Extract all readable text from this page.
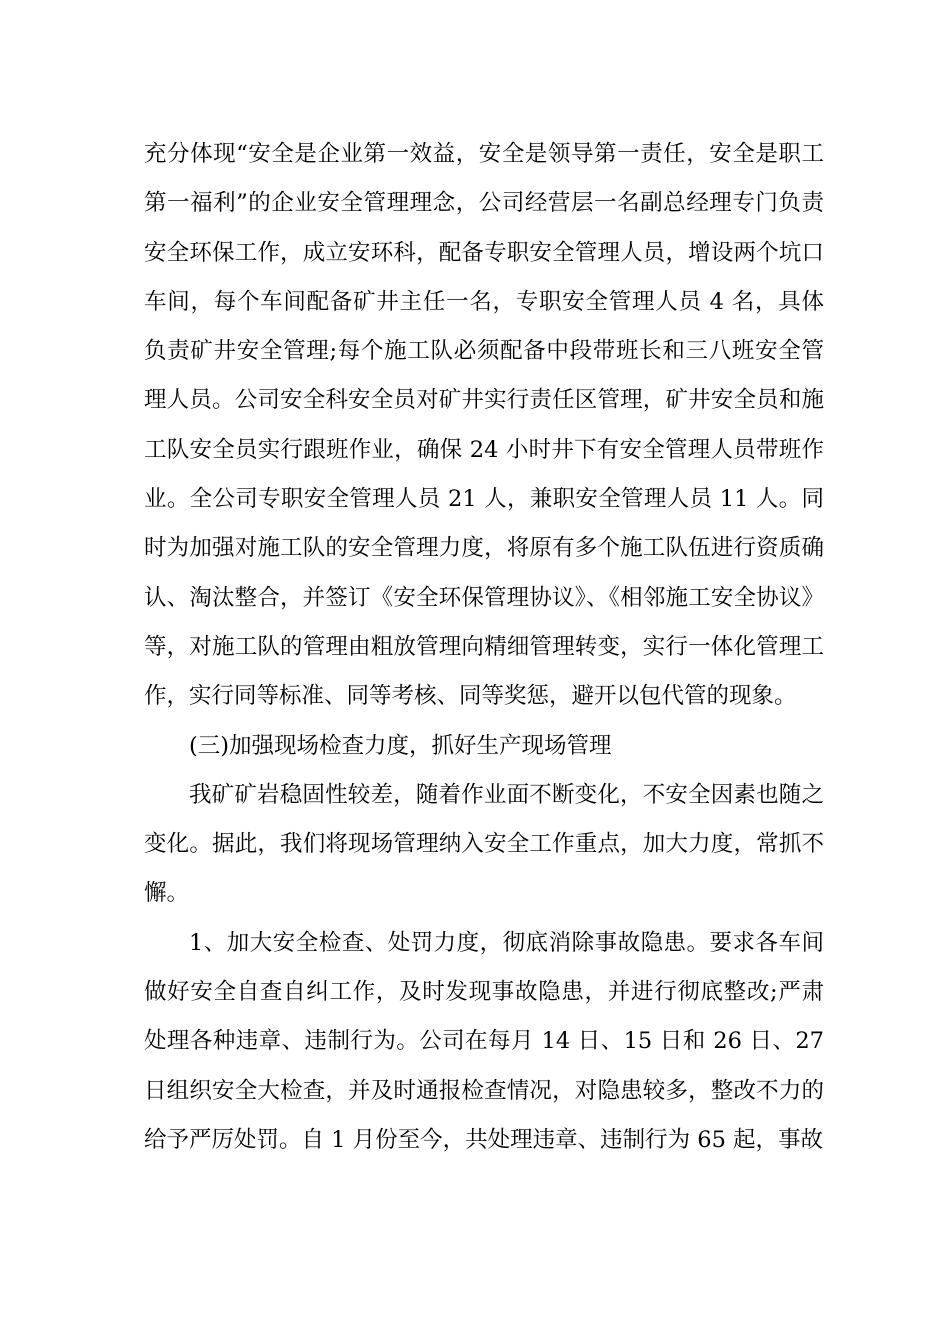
充分体现“安全是企业第一效益，安全是领导第一责任，安全是职工第一福利”的企业安全管理理念，公司经营层一名副总经理专门负责安全环保工作，成立安环科，配备专职安全管理人员，增设两个坑口车间，每个车间配备矿井主任一名，专职安全管理人员 4 名，具体负责矿井安全管理;每个施工队必须配备中段带班长和三八班安全管理人员。公司安全科安全员对矿井实行责任区管理，矿井安全员和施工队安全员实行跟班作业，确保 24 小时井下有安全管理人员带班作业。全公司专职安全管理人员 21 人，兼职安全管理人员 11 人。同时为加强对施工队的安全管理力度，将原有多个施工队伍进行资质确认、淘汰整合，并签订《安全环保管理协议》、《相邻施工安全协议》等，对施工队的管理由粗放管理向精细管理转变，实行一体化管理工作，实行同等标准、同等考核、同等奖惩，避开以包代管的现象。

(三)加强现场检查力度，抓好生产现场管理

我矿矿岩稳固性较差，随着作业面不断变化，不安全因素也随之变化。据此，我们将现场管理纳入安全工作重点，加大力度，常抓不懈。

1、加大安全检查、处罚力度，彻底消除事故隐患。要求各车间做好安全自查自纠工作，及时发现事故隐患，并进行彻底整改;严肃处理各种违章、违制行为。公司在每月 14 日、15 日和 26 日、27 日组织安全大检查，并及时通报检查情况，对隐患较多，整改不力的给予严厉处罚。自 1 月份至今，共处理违章、违制行为 65 起，事故
